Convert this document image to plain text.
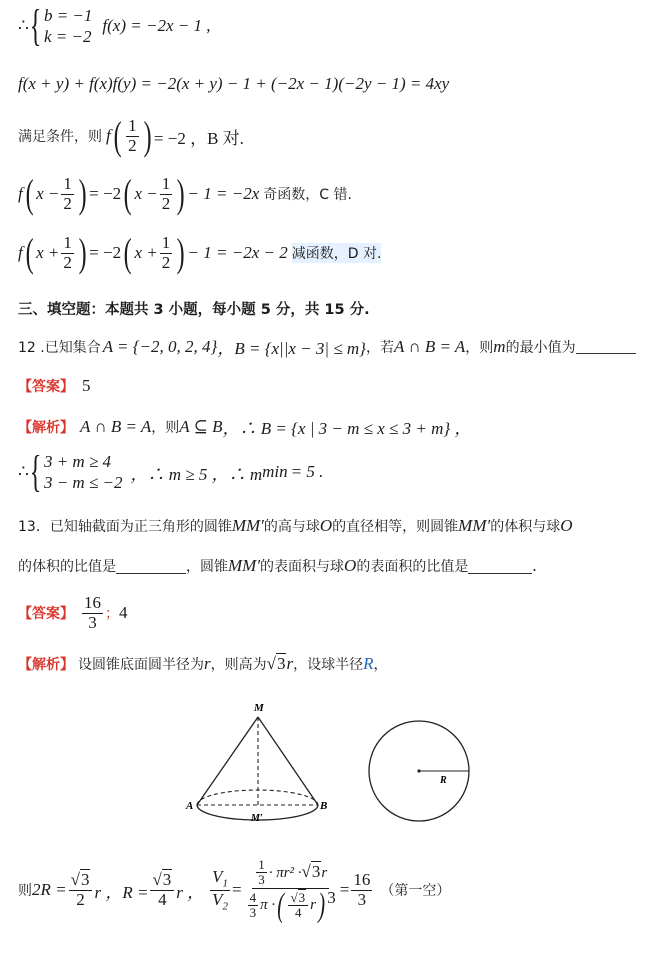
∴ { b = −1
k = −2
f(x) = −2x − 1 ,
f(x + y) + f(x)f(y) = −2(x + y) − 1 + (−2x − 1)(−2y − 1) = 4xy
满足条件，则 f ( $\frac{1}{2}$ ) = −2 ，B 对.
f ( $x - \frac{1}{2}$ ) = −2 ( $x - \frac{1}{2}$ ) − 1 = −2x 奇函数，C 错.
f ( $x + \frac{1}{2}$ ) = −2 ( $x + \frac{1}{2}$ ) − 1 = −2x − 2 减函数，D 对.
三、填空题：本题共 3 小题，每小题 5 分，共 15 分.
12 .已知集合 A = {−2, 0, 2, 4} ，B = {x||x − 3| ≤ m} ，若 A ∩ B = A ，则 m 的最小值为
【答案】 5
【解析】 A ∩ B = A ，则 A ⊆ B ，∴ B = {x | 3 − m ≤ x ≤ 3 + m} ，
∴ { 3 + m ≥ 4
3 − m ≤ −2 ，∴ m ≥ 5 ，∴ m min = 5 .
13．已知轴截面为正三角形的圆锥 MM′ 的高与球 O 的直径相等，则圆锥 MM′ 的体积与球 O
的体积的比值是	，圆锥 MM′ 的表面积与球 O 的表面积的比值是	.
【答案】 $\frac{16}{3}$ ； 4
【解析】 设圆锥底面圆半径为 r ，则高为 √3 r ，设球半径 R ，
M
A	B
M′
R
则 $2R = \frac{√3}{2}$ r ，$R = \frac{√3}{4}$ r ， $\frac{V_1}{V_2} = \frac{\frac{1}{3} \cdot \pi r^2 \cdot √3 r}{\frac{4}{3} \pi \cdot ( \frac{√3}{4} r ) 3} = \frac{16}{3}$ （第一空）
